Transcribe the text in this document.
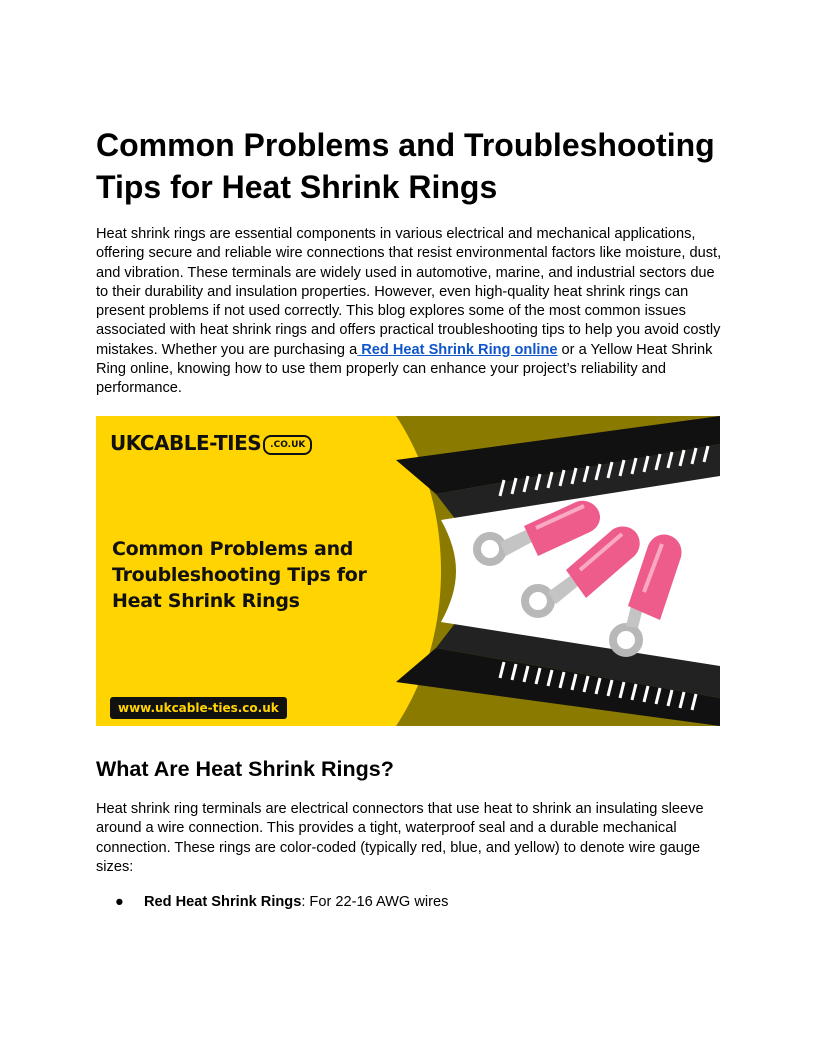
Common Problems and Troubleshooting Tips for Heat Shrink Rings

Heat shrink rings are essential components in various electrical and mechanical applications, offering secure and reliable wire connections that resist environmental factors like moisture, dust, and vibration. These terminals are widely used in automotive, marine, and industrial sectors due to their durability and insulation properties. However, even high-quality heat shrink rings can present problems if not used correctly. This blog explores some of the most common issues associated with heat shrink rings and offers practical troubleshooting tips to help you avoid costly mistakes. Whether you are purchasing a Red Heat Shrink Ring online or a Yellow Heat Shrink Ring online, knowing how to use them properly can enhance your project’s reliability and performance.

UKCABLE-TIES .CO.UK
Common Problems and Troubleshooting Tips for Heat Shrink Rings
www.ukcable-ties.co.uk
What Are Heat Shrink Rings?

Heat shrink ring terminals are electrical connectors that use heat to shrink an insulating sleeve around a wire connection. This provides a tight, waterproof seal and a durable mechanical connection. These rings are color-coded (typically red, blue, and yellow) to denote wire gauge sizes:

● Red Heat Shrink Rings: For 22-16 AWG wires
